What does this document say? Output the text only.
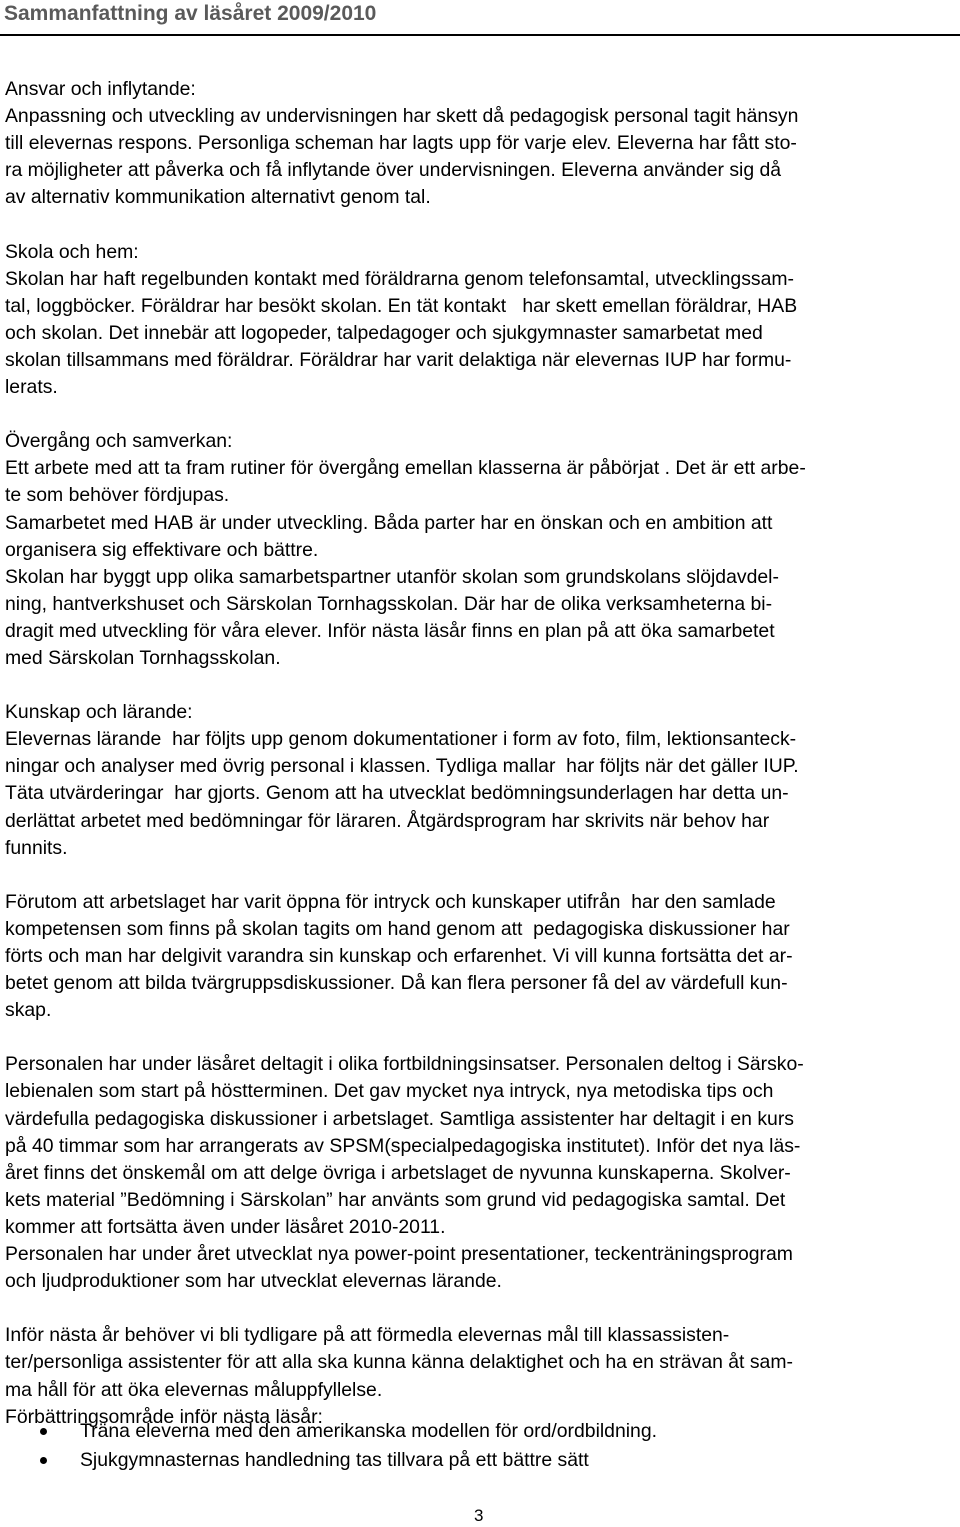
Sammanfattning av läsåret 2009/2010
Ansvar och inflytande:
Anpassning och utveckling av undervisningen har skett då pedagogisk personal tagit hänsyn
till elevernas respons. Personliga scheman har lagts upp för varje elev. Eleverna har fått sto-
ra möjligheter att påverka och få inflytande över undervisningen. Eleverna använder sig då
av alternativ kommunikation alternativt genom tal.
Skola och hem:
Skolan har haft regelbunden kontakt med föräldrarna genom telefonsamtal, utvecklingssam-
tal, loggböcker. Föräldrar har besökt skolan. En tät kontakt   har skett emellan föräldrar, HAB
och skolan. Det innebär att logopeder, talpedagoger och sjukgymnaster samarbetat med
skolan tillsammans med föräldrar. Föräldrar har varit delaktiga när elevernas IUP har formu-
lerats.
Övergång och samverkan:
Ett arbete med att ta fram rutiner för övergång emellan klasserna är påbörjat . Det är ett arbe-
te som behöver fördjupas.
Samarbetet med HAB är under utveckling. Båda parter har en önskan och en ambition att
organisera sig effektivare och bättre.
Skolan har byggt upp olika samarbetspartner utanför skolan som grundskolans slöjdavdel-
ning, hantverkshuset och Särskolan Tornhagsskolan. Där har de olika verksamheterna bi-
dragit med utveckling för våra elever. Inför nästa läsår finns en plan på att öka samarbetet
med Särskolan Tornhagsskolan.
Kunskap och lärande:
Elevernas lärande  har följts upp genom dokumentationer i form av foto, film, lektionsanteck-
ningar och analyser med övrig personal i klassen. Tydliga mallar  har följts när det gäller IUP.
Täta utvärderingar  har gjorts. Genom att ha utvecklat bedömningsunderlagen har detta un-
derlättat arbetet med bedömningar för läraren. Åtgärdsprogram har skrivits när behov har
funnits.
Förutom att arbetslaget har varit öppna för intryck och kunskaper utifrån  har den samlade
kompetensen som finns på skolan tagits om hand genom att  pedagogiska diskussioner har
förts och man har delgivit varandra sin kunskap och erfarenhet. Vi vill kunna fortsätta det ar-
betet genom att bilda tvärgruppsdiskussioner. Då kan flera personer få del av värdefull kun-
skap.
Personalen har under läsåret deltagit i olika fortbildningsinsatser. Personalen deltog i Särsko-
lebienalen som start på höstterminen. Det gav mycket nya intryck, nya metodiska tips och
värdefulla pedagogiska diskussioner i arbetslaget. Samtliga assistenter har deltagit i en kurs
på 40 timmar som har arrangerats av SPSM(specialpedagogiska institutet). Inför det nya läs-
året finns det önskemål om att delge övriga i arbetslaget de nyvunna kunskaperna. Skolver-
kets material ”Bedömning i Särskolan” har använts som grund vid pedagogiska samtal. Det
kommer att fortsätta även under läsåret 2010-2011.
Personalen har under året utvecklat nya power-point presentationer, teckenträningsprogram
och ljudproduktioner som har utvecklat elevernas lärande.
Inför nästa år behöver vi bli tydligare på att förmedla elevernas mål till klassassisten-
ter/personliga assistenter för att alla ska kunna känna delaktighet och ha en strävan åt sam-
ma håll för att öka elevernas måluppfyllelse.
Förbättringsområde inför nästa läsår:
Träna eleverna med den amerikanska modellen för ord/ordbildning.
Sjukgymnasternas handledning tas tillvara på ett bättre sätt
3
